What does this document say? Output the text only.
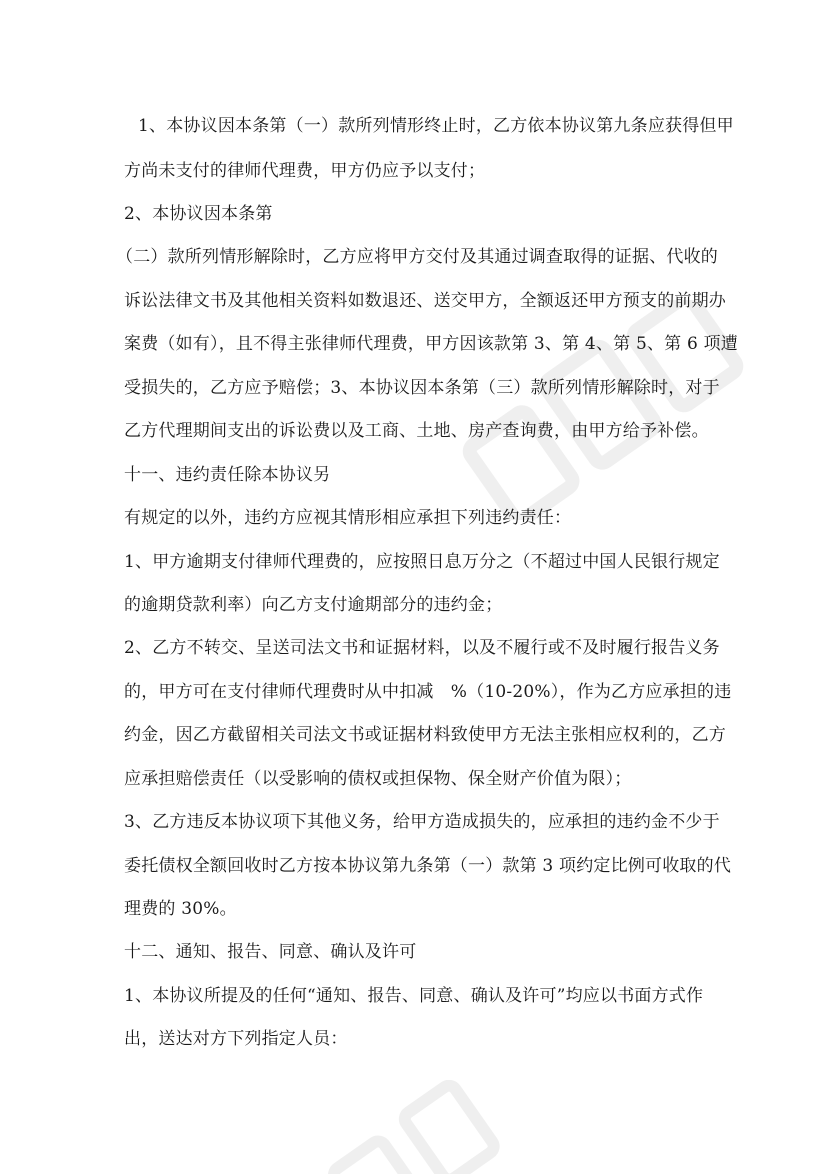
1、本协议因本条第（一）款所列情形终止时，乙方依本协议第九条应获得但甲
方尚未支付的律师代理费，甲方仍应予以支付；
2、本协议因本条第
（二）款所列情形解除时，乙方应将甲方交付及其通过调查取得的证据、代收的
诉讼法律文书及其他相关资料如数退还、送交甲方，全额返还甲方预支的前期办
案费（如有），且不得主张律师代理费，甲方因该款第 3、第 4、第 5、第 6 项遭
受损失的，乙方应予赔偿；3、本协议因本条第（三）款所列情形解除时，对于
乙方代理期间支出的诉讼费以及工商、土地、房产查询费，由甲方给予补偿。
十一、违约责任除本协议另
有规定的以外，违约方应视其情形相应承担下列违约责任：
1、甲方逾期支付律师代理费的，应按照日息万分之（不超过中国人民银行规定
的逾期贷款利率）向乙方支付逾期部分的违约金；
2、乙方不转交、呈送司法文书和证据材料，以及不履行或不及时履行报告义务
的，甲方可在支付律师代理费时从中扣减　%（10-20%），作为乙方应承担的违
约金，因乙方截留相关司法文书或证据材料致使甲方无法主张相应权利的，乙方
应承担赔偿责任（以受影响的债权或担保物、保全财产价值为限）；
3、乙方违反本协议项下其他义务，给甲方造成损失的，应承担的违约金不少于
委托债权全额回收时乙方按本协议第九条第（一）款第 3 项约定比例可收取的代
理费的 30%。
十二、通知、报告、同意、确认及许可
1、本协议所提及的任何“通知、报告、同意、确认及许可”均应以书面方式作
出，送达对方下列指定人员：
